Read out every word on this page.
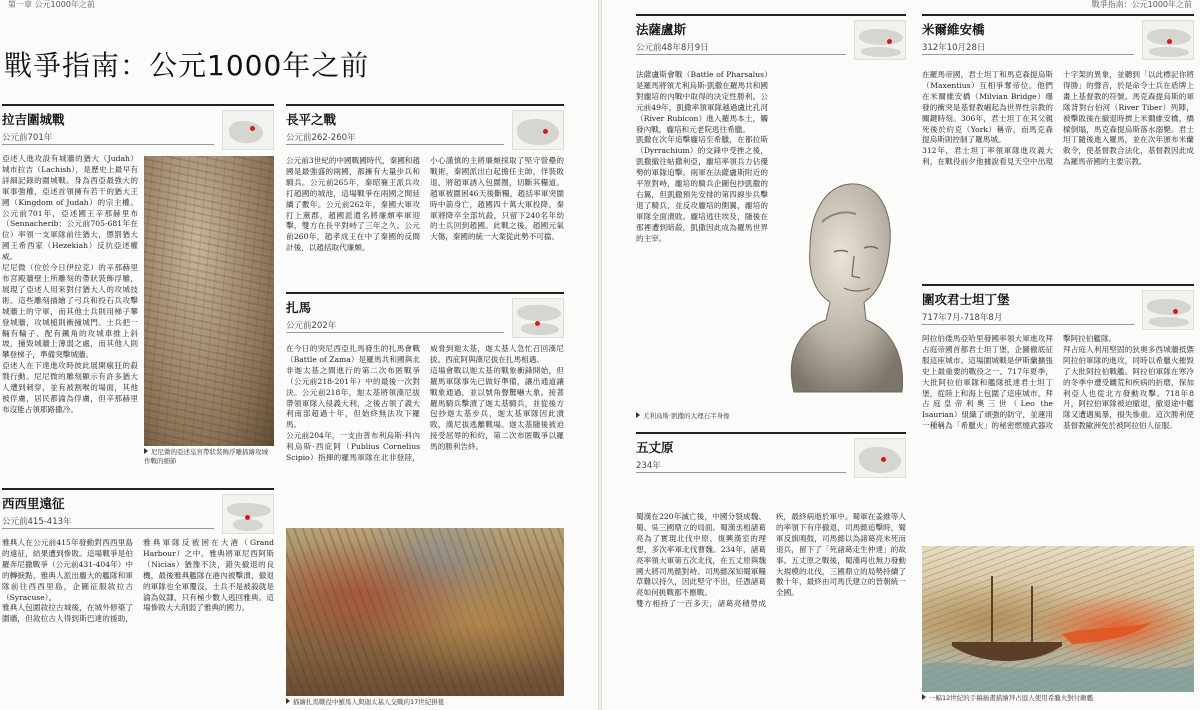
第一章 公元1000年之前
戰爭指南：公元1000年之前
拉吉圍城戰
公元前701年
亞述人進攻設有城牆的猶大（Judah）城市拉吉（Lachish），是歷史上最早有詳細記錄的圍城戰。身為西亞最強大的軍事強權，亞述首領擁有若干的猶大王國（Kingdom of Judah）的宗主權。公元前701年，亞述國王辛那赫里布（Sennacherib；公元前705-681年在位）率領一支軍隊前往猶大，懲罰猶大國王希西家（Hezekiah）反抗亞述權威。
尼尼微（位於今日伊拉克）的辛那赫里布宮殿牆壁上所雕刻的帶狀裝飾浮雕，展現了亞述人用來對付猶大人的攻城技術。這些雕刻描繪了弓兵和投石兵攻擊城牆上的守軍，而其他士兵則用梯子攀登城牆，攻城槌則衝撞城門。士兵把一輛有輪子、配有鐵角的攻城車推上斜坡，撞毀城牆上薄弱之處，而其他人則攀登梯子，準備突擊城牆。
亞述人在下達進攻時彼此展開瘋狂的殺戮行動。尼尼微的雕刻顯示有許多猶大人遭到刺穿，並有被割喉的場面，其他被俘虜，居民都淪為俘虜，但辛那赫里布沒能占領耶路撒冷。
尼尼微的亞述皇宮帶狀裝飾浮雕描繪攻城作戰的細節
長平之戰
公元前262-260年
公元前3世紀的中國戰國時代，秦國和趙國是最強盛的兩國，都擁有大量步兵和騎兵。公元前265年，秦昭襄王派兵攻打趙國的城池，這場戰爭在兩國之間延續了數年。公元前262年，秦國大軍攻打上黨郡，趙國派遣名將廉頗率軍迎擊，雙方在長平對峙了三年之久。公元前260年，趙孝成王在中了秦國的反間計後，以趙括取代廉頗。
小心謹慎的主將廉頗採取了堅守營壘的戰術，秦國派出白起擔任主帥，佯裝敗退，將趙軍誘入包圍圈，切斷其糧道。趙軍被圍困46天後斷糧，趙括率軍突圍時中箭身亡，趙國四十萬大軍投降。秦軍將降卒全部坑殺，只留下240名年幼的士兵回到趙國。此戰之後，趙國元氣大傷，秦國的統一大業從此勢不可擋。
扎馬
公元前202年
在今日的突尼西亞扎馬發生的扎馬會戰（Battle of Zama）是羅馬共和國與北非迦太基之間進行的第二次布匿戰爭（公元前218-201年）中的最後一次對決。公元前218年，迦太基將領漢尼拔帶領軍隊入侵義大利，之後占領了義大利南部超過十年，但始終無法攻下羅馬。
公元前204年，一支由普布利烏斯·科內利烏斯·西庇阿（Publius Cornelius Scipio）指揮的羅馬軍隊在北非登陸，威脅到迦太基，迦太基人急忙召回漢尼拔。西庇阿與漢尼拔在扎馬相遇。
這場會戰以迦太基的戰象衝鋒開始，但羅馬軍隊事先已做好準備，讓出通道讓戰象通過，並以號角聲驚嚇大象。接著羅馬騎兵擊潰了迦太基騎兵，並從後方包抄迦太基步兵，迦太基軍隊因此潰敗，漢尼拔逃離戰場。迦太基隨後被迫接受屈辱的和約，第二次布匿戰爭以羅馬的勝利告終。
描繪扎馬戰役中羅馬人與迦太基人交戰的17世紀掛毯
西西里遠征
公元前415-413年
雅典人在公元前415年發動對西西里島的遠征，結果遭到慘敗。這場戰爭是伯羅奔尼撒戰爭（公元前431-404年）中的轉捩點，雅典人派出龐大的艦隊和軍隊前往西西里島，企圖征服敘拉古（Syracuse）。
雅典人包圍敘拉古城後，在城外修築了圍牆，但敘拉古人得到斯巴達的援助，雅典軍隊反被困在大港（Grand Harbour）之中。雅典將軍尼西阿斯（Nicias）猶豫不決，錯失撤退的良機，最後雅典艦隊在港內被擊潰，撤退的軍隊也全軍覆沒，士兵不是被殺就是淪為奴隸，只有極少數人逃回雅典。這場慘敗大大削弱了雅典的國力。
戰爭指南：公元1000年之前
法薩盧斯
公元前48年8月9日
法薩盧斯會戰（Battle of Pharsalus）是羅馬將領尤利烏斯·凱撒在羅馬共和國對龐培的內戰中取得的決定性勝利。公元前49年，凱撒率領軍隊越過盧比孔河（River Rubicon）進入羅馬本土，觸發內戰，龐培和元老院逃往希臘。
凱撒在次年追擊龐培至希臘，在都拉斯（Dyrrachium）的交鋒中受挫之後，凱撒撤往帖撒利亞，龐培率領兵力佔優勢的軍隊追擊。兩軍在法薩盧斯附近的平原對峙，龐培的騎兵企圖包抄凱撒的右翼，但凱撒預先安排的第四線步兵擊退了騎兵，並反攻龐培的側翼，龐培的軍隊全面潰敗。龐培逃往埃及，隨後在那裡遭到暗殺，凱撒因此成為羅馬世界的主宰。
尤利烏斯·凱撒的大理石半身像
米爾維安橋
312年10月28日
在羅馬帝國，君士坦丁和馬克森提烏斯（Maxentius）互相爭奪帝位。他們在米爾維安橋（Milvian Bridge）爆發的衝突是基督教崛起為世界性宗教的關鍵時刻。306年，君士坦丁在其父親死後於約克（York）稱帝，而馬克森提烏斯則控制了羅馬城。
312年，君士坦丁率領軍隊進攻義大利，在戰役前夕他據說看見天空中出現十字架的異象，並聽到「以此標記你將得勝」的聲音，於是命令士兵在盾牌上畫上基督教的符號。馬克森提烏斯的軍隊背對台伯河（River Tiber）列陣，被擊敗後在撤退時擠上米爾維安橋，橋樑倒塌，馬克森提烏斯落水溺斃。君士坦丁隨後進入羅馬，並在次年頒布米蘭敕令，使基督教合法化，基督教因此成為羅馬帝國的主要宗教。
五丈原
234年
蜀漢在220年滅亡後，中國分裂成魏、蜀、吳三國鼎立的局面。蜀漢丞相諸葛亮為了實現北伐中原、復興漢室的理想，多次率軍北伐曹魏。234年，諸葛亮率領大軍第五次北伐，在五丈原與魏國大將司馬懿對峙。司馬懿深知蜀軍糧草難以持久，因此堅守不出，任憑諸葛亮如何挑戰都不應戰。
雙方相持了一百多天，諸葛亮積勞成疾，最終病逝於軍中。蜀軍在姜維等人的率領下有序撤退，司馬懿追擊時，蜀軍反旗鳴鼓，司馬懿以為諸葛亮未死而退兵，留下了「死諸葛走生仲達」的故事。五丈原之戰後，蜀漢再也無力發動大規模的北伐，三國鼎立的局勢持續了數十年，最終由司馬氏建立的晉朝統一全國。
圍攻君士坦丁堡
717年7月-718年8月
阿拉伯倭馬亞哈里發國率領大軍進攻拜占庭帝國首都君士坦丁堡，企圖徹底征服這座城市。這場圍城戰是伊斯蘭擴張史上最重要的戰役之一。717年夏季，大批阿拉伯軍隊和艦隊抵達君士坦丁堡，從陸上和海上包圍了這座城市。拜占庭皇帝利奧三世（Leo the Isaurian）組織了頑強的防守，並運用一種稱為「希臘火」的秘密燃燒武器攻擊阿拉伯艦隊。
拜占庭人利用堅固的狄奧多西城牆抵禦阿拉伯軍隊的進攻，同時以希臘火摧毀了大批阿拉伯戰艦。阿拉伯軍隊在寒冷的冬季中遭受饑荒和疾病的折磨，保加利亞人也從北方發動攻擊。718年8月，阿拉伯軍隊被迫撤退，撤退途中艦隊又遭遇風暴，損失慘重。這次勝利使基督教歐洲免於被阿拉伯人征服。
一幅12世紀的手稿插畫描繪拜占庭人使用希臘火對付敵艦
